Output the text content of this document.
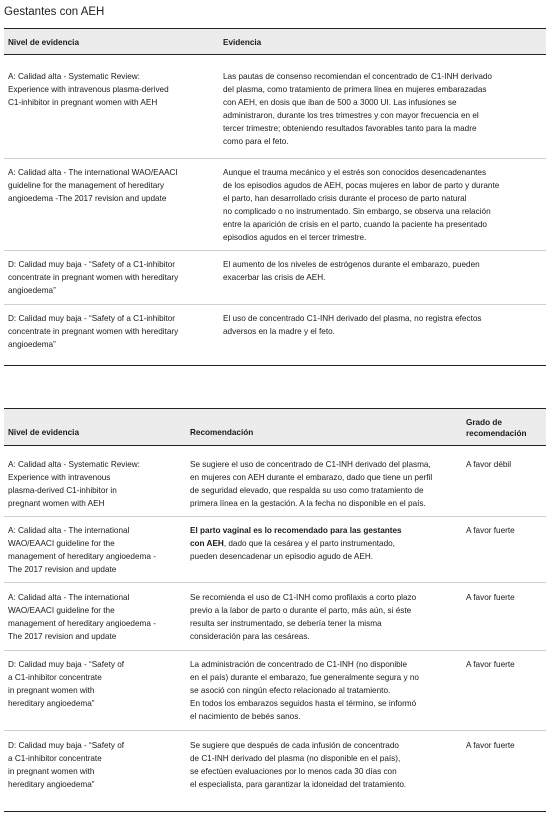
Gestantes con AEH
Nivel de evidencia	Evidencia
A: Calidad alta - Systematic Review:
Experience with intravenous plasma-derived
C1-inhibitor in pregnant women with AEH
Las pautas de consenso recomiendan el concentrado de C1-INH derivado
del plasma, como tratamiento de primera línea en mujeres embarazadas
con AEH, en dosis que iban de 500 a 3000 UI. Las infusiones se
administraron, durante los tres trimestres y con mayor frecuencia en el
tercer trimestre; obteniendo resultados favorables tanto para la madre
como para el feto.
A: Calidad alta - The international WAO/EAACI
guideline for the management of hereditary
angioedema -The 2017 revision and update
Aunque el trauma mecánico y el estrés son conocidos desencadenantes
de los episodios agudos de AEH, pocas mujeres en labor de parto y durante
el parto, han desarrollado crisis durante el proceso de parto natural
no complicado o no instrumentado. Sin embargo, se observa una relación
entre la aparición de crisis en el parto, cuando la paciente ha presentado
episodios agudos en el tercer trimestre.
D: Calidad muy baja - “Safety of a C1-inhibitor
concentrate in pregnant women with hereditary
angioedema”
El aumento de los niveles de estrógenos durante el embarazo, pueden
exacerbar las crisis de AEH.
D: Calidad muy baja - “Safety of a C1-inhibitor
concentrate in pregnant women with hereditary
angioedema”
El uso de concentrado C1-INH derivado del plasma, no registra efectos
adversos en la madre y el feto.
Nivel de evidencia	Recomendación
Grado de
recomendación
A: Calidad alta - Systematic Review:
Experience with intravenous
plasma-derived C1-inhibitor in
pregnant women with AEH
Se sugiere el uso de concentrado de C1-INH derivado del plasma,
en mujeres con AEH durante el embarazo, dado que tiene un perfil
de seguridad elevado, que respalda su uso como tratamiento de
primera línea en la gestación. A la fecha no disponible en el país.
A favor débil
A: Calidad alta - The international
WAO/EAACI guideline for the
management of hereditary angioedema -
The 2017 revision and update
El parto vaginal es lo recomendado para las gestantes
con AEH, dado que la cesárea y el parto instrumentado,
pueden desencadenar un episodio agudo de AEH.
A favor fuerte
A: Calidad alta - The international
WAO/EAACI guideline for the
management of hereditary angioedema -
The 2017 revision and update
Se recomienda el uso de C1-INH como profilaxis a corto plazo
previo a la labor de parto o durante el parto, más aún, si éste
resulta ser instrumentado, se debería tener la misma
consideración para las cesáreas.
A favor fuerte
D: Calidad muy baja - “Safety of
a C1-inhibitor concentrate
in pregnant women with
hereditary angioedema”
La administración de concentrado de C1-INH (no disponible
en el país) durante el embarazo, fue generalmente segura y no
se asoció con ningún efecto relacionado al tratamiento.
En todos los embarazos seguidos hasta el término, se informó
el nacimiento de bebés sanos.
A favor fuerte
D: Calidad muy baja - “Safety of
a C1-inhibitor concentrate
in pregnant women with
hereditary angioedema”
Se sugiere que después de cada infusión de concentrado
de C1-INH derivado del plasma (no disponible en el país),
se efectúen evaluaciones por lo menos cada 30 días con
el especialista, para garantizar la idoneidad del tratamiento.
A favor fuerte
